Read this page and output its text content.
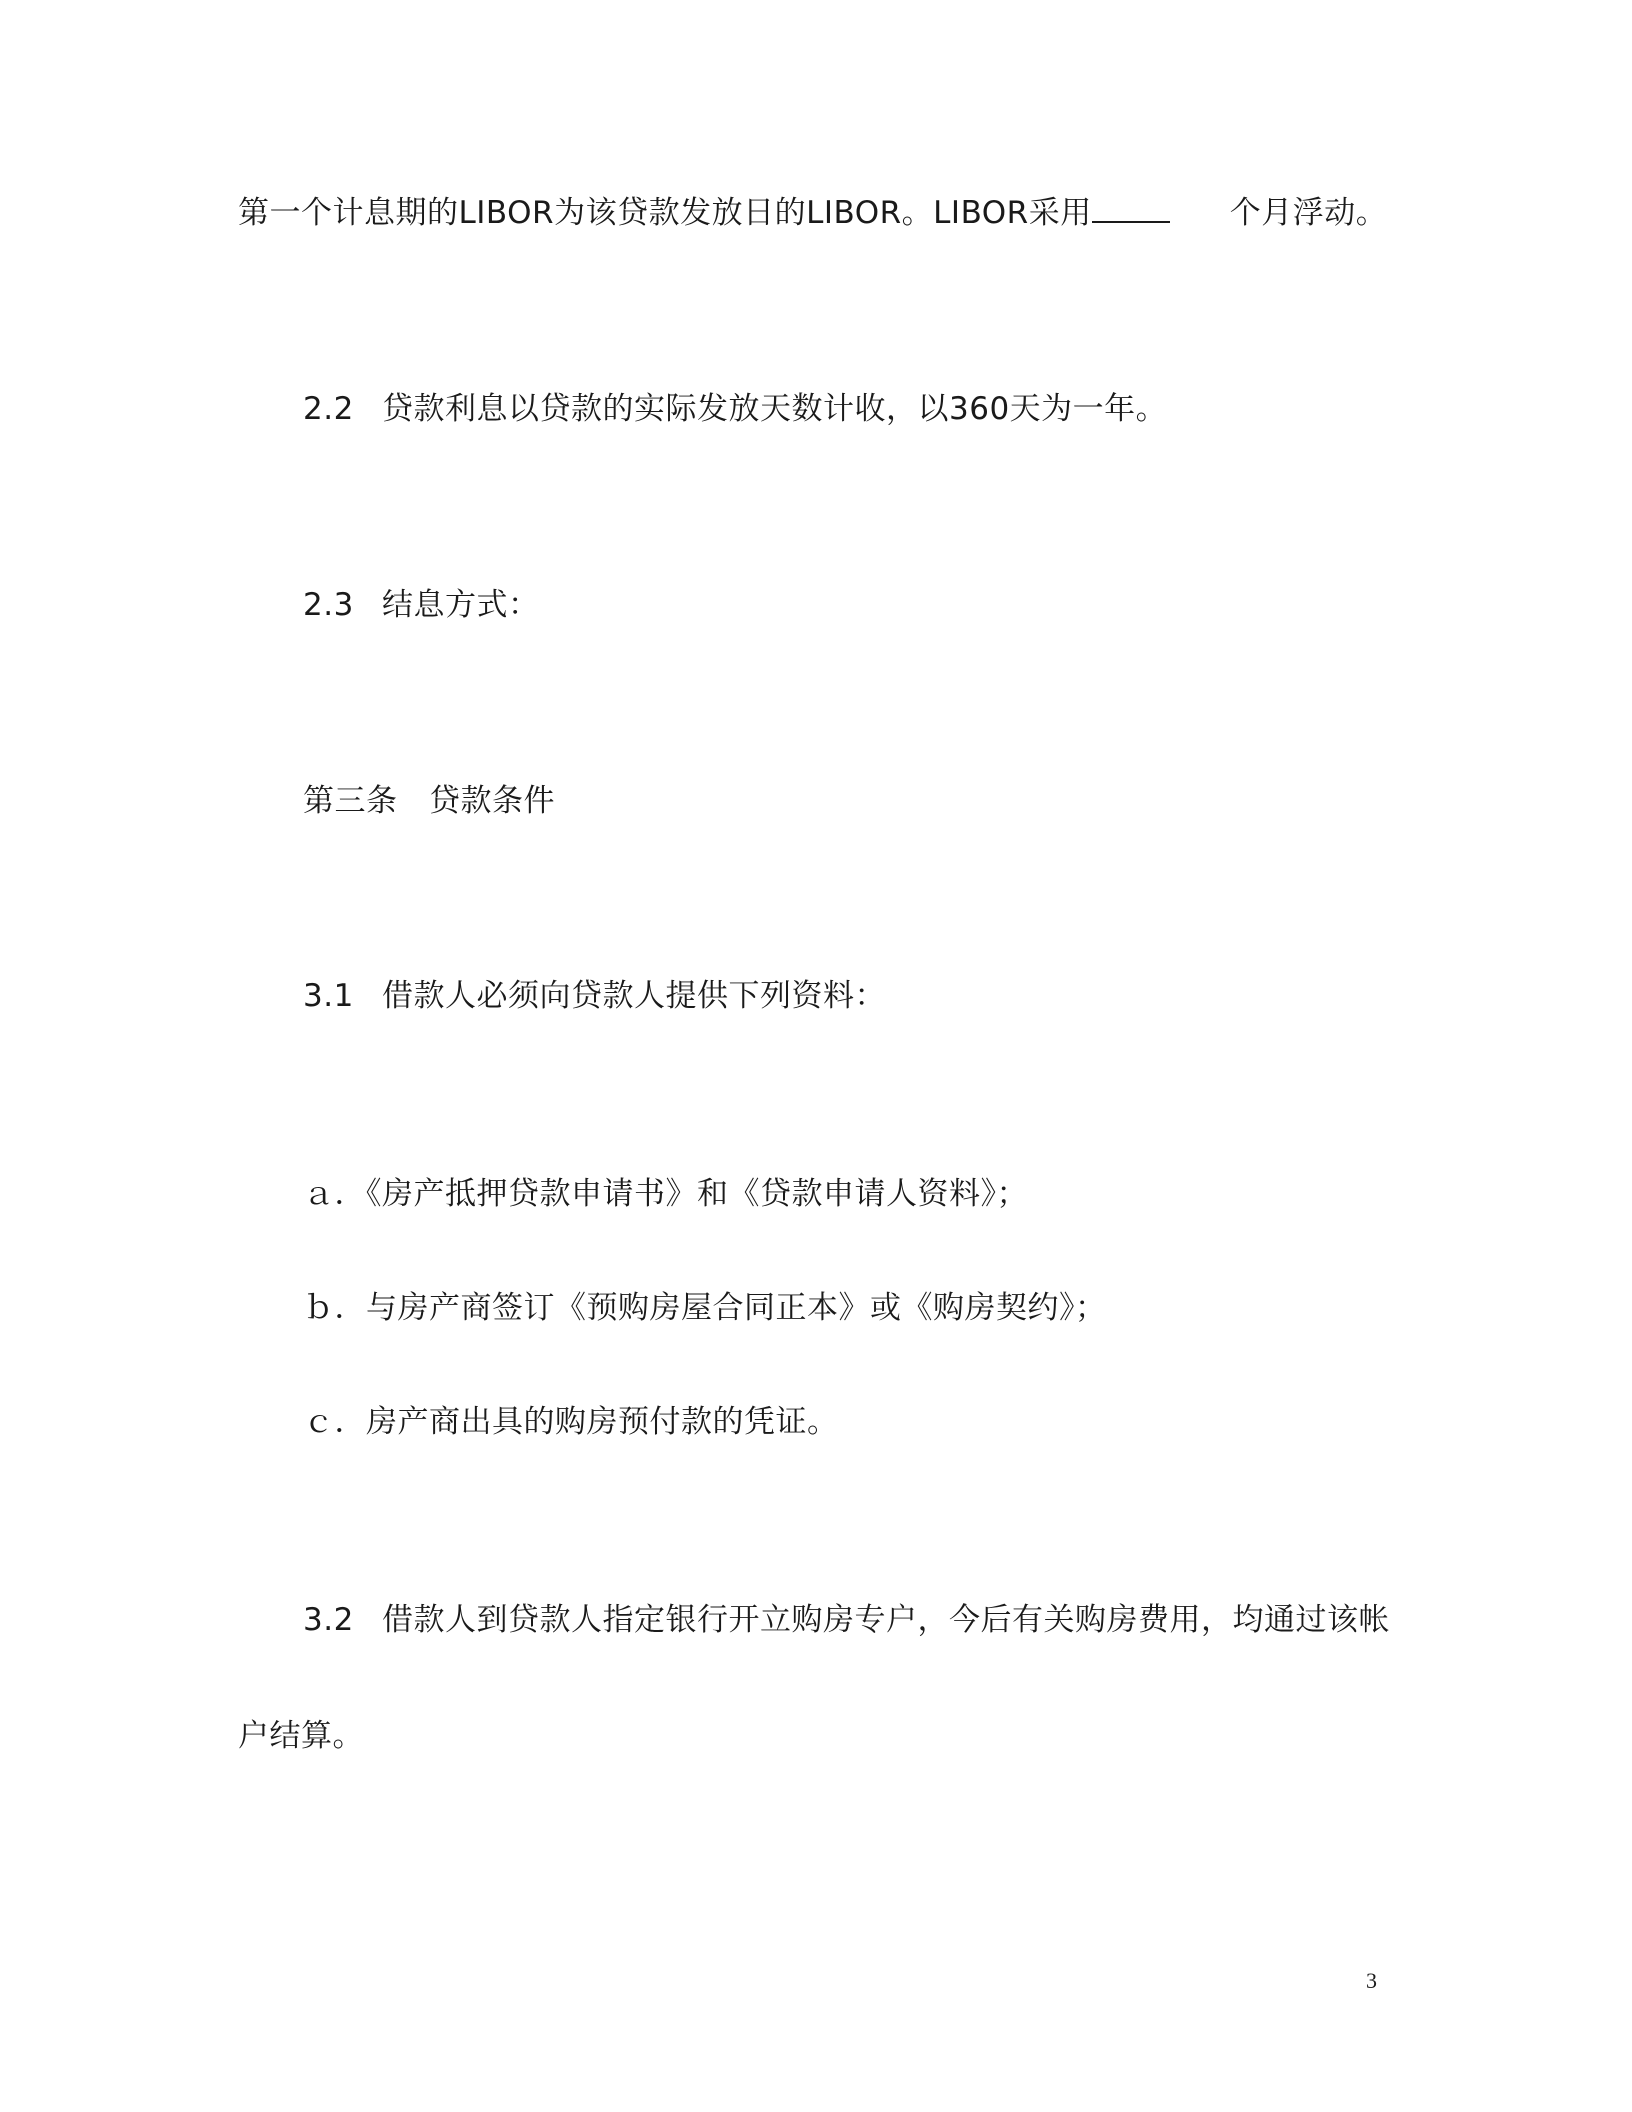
第一个计息期的LIBOR为该贷款发放日的LIBOR。LIBOR采用	个月浮动。
2.2 贷款利息以贷款的实际发放天数计收，以360天为一年。
2.3 结息方式：
第三条　贷款条件
3.1 借款人必须向贷款人提供下列资料：
ａ．《房产抵押贷款申请书》和《贷款申请人资料》；
ｂ．与房产商签订《预购房屋合同正本》或《购房契约》；
ｃ．房产商出具的购房预付款的凭证。
3.2 借款人到贷款人指定银行开立购房专户，今后有关购房费用，均通过该帐
户结算。
3
